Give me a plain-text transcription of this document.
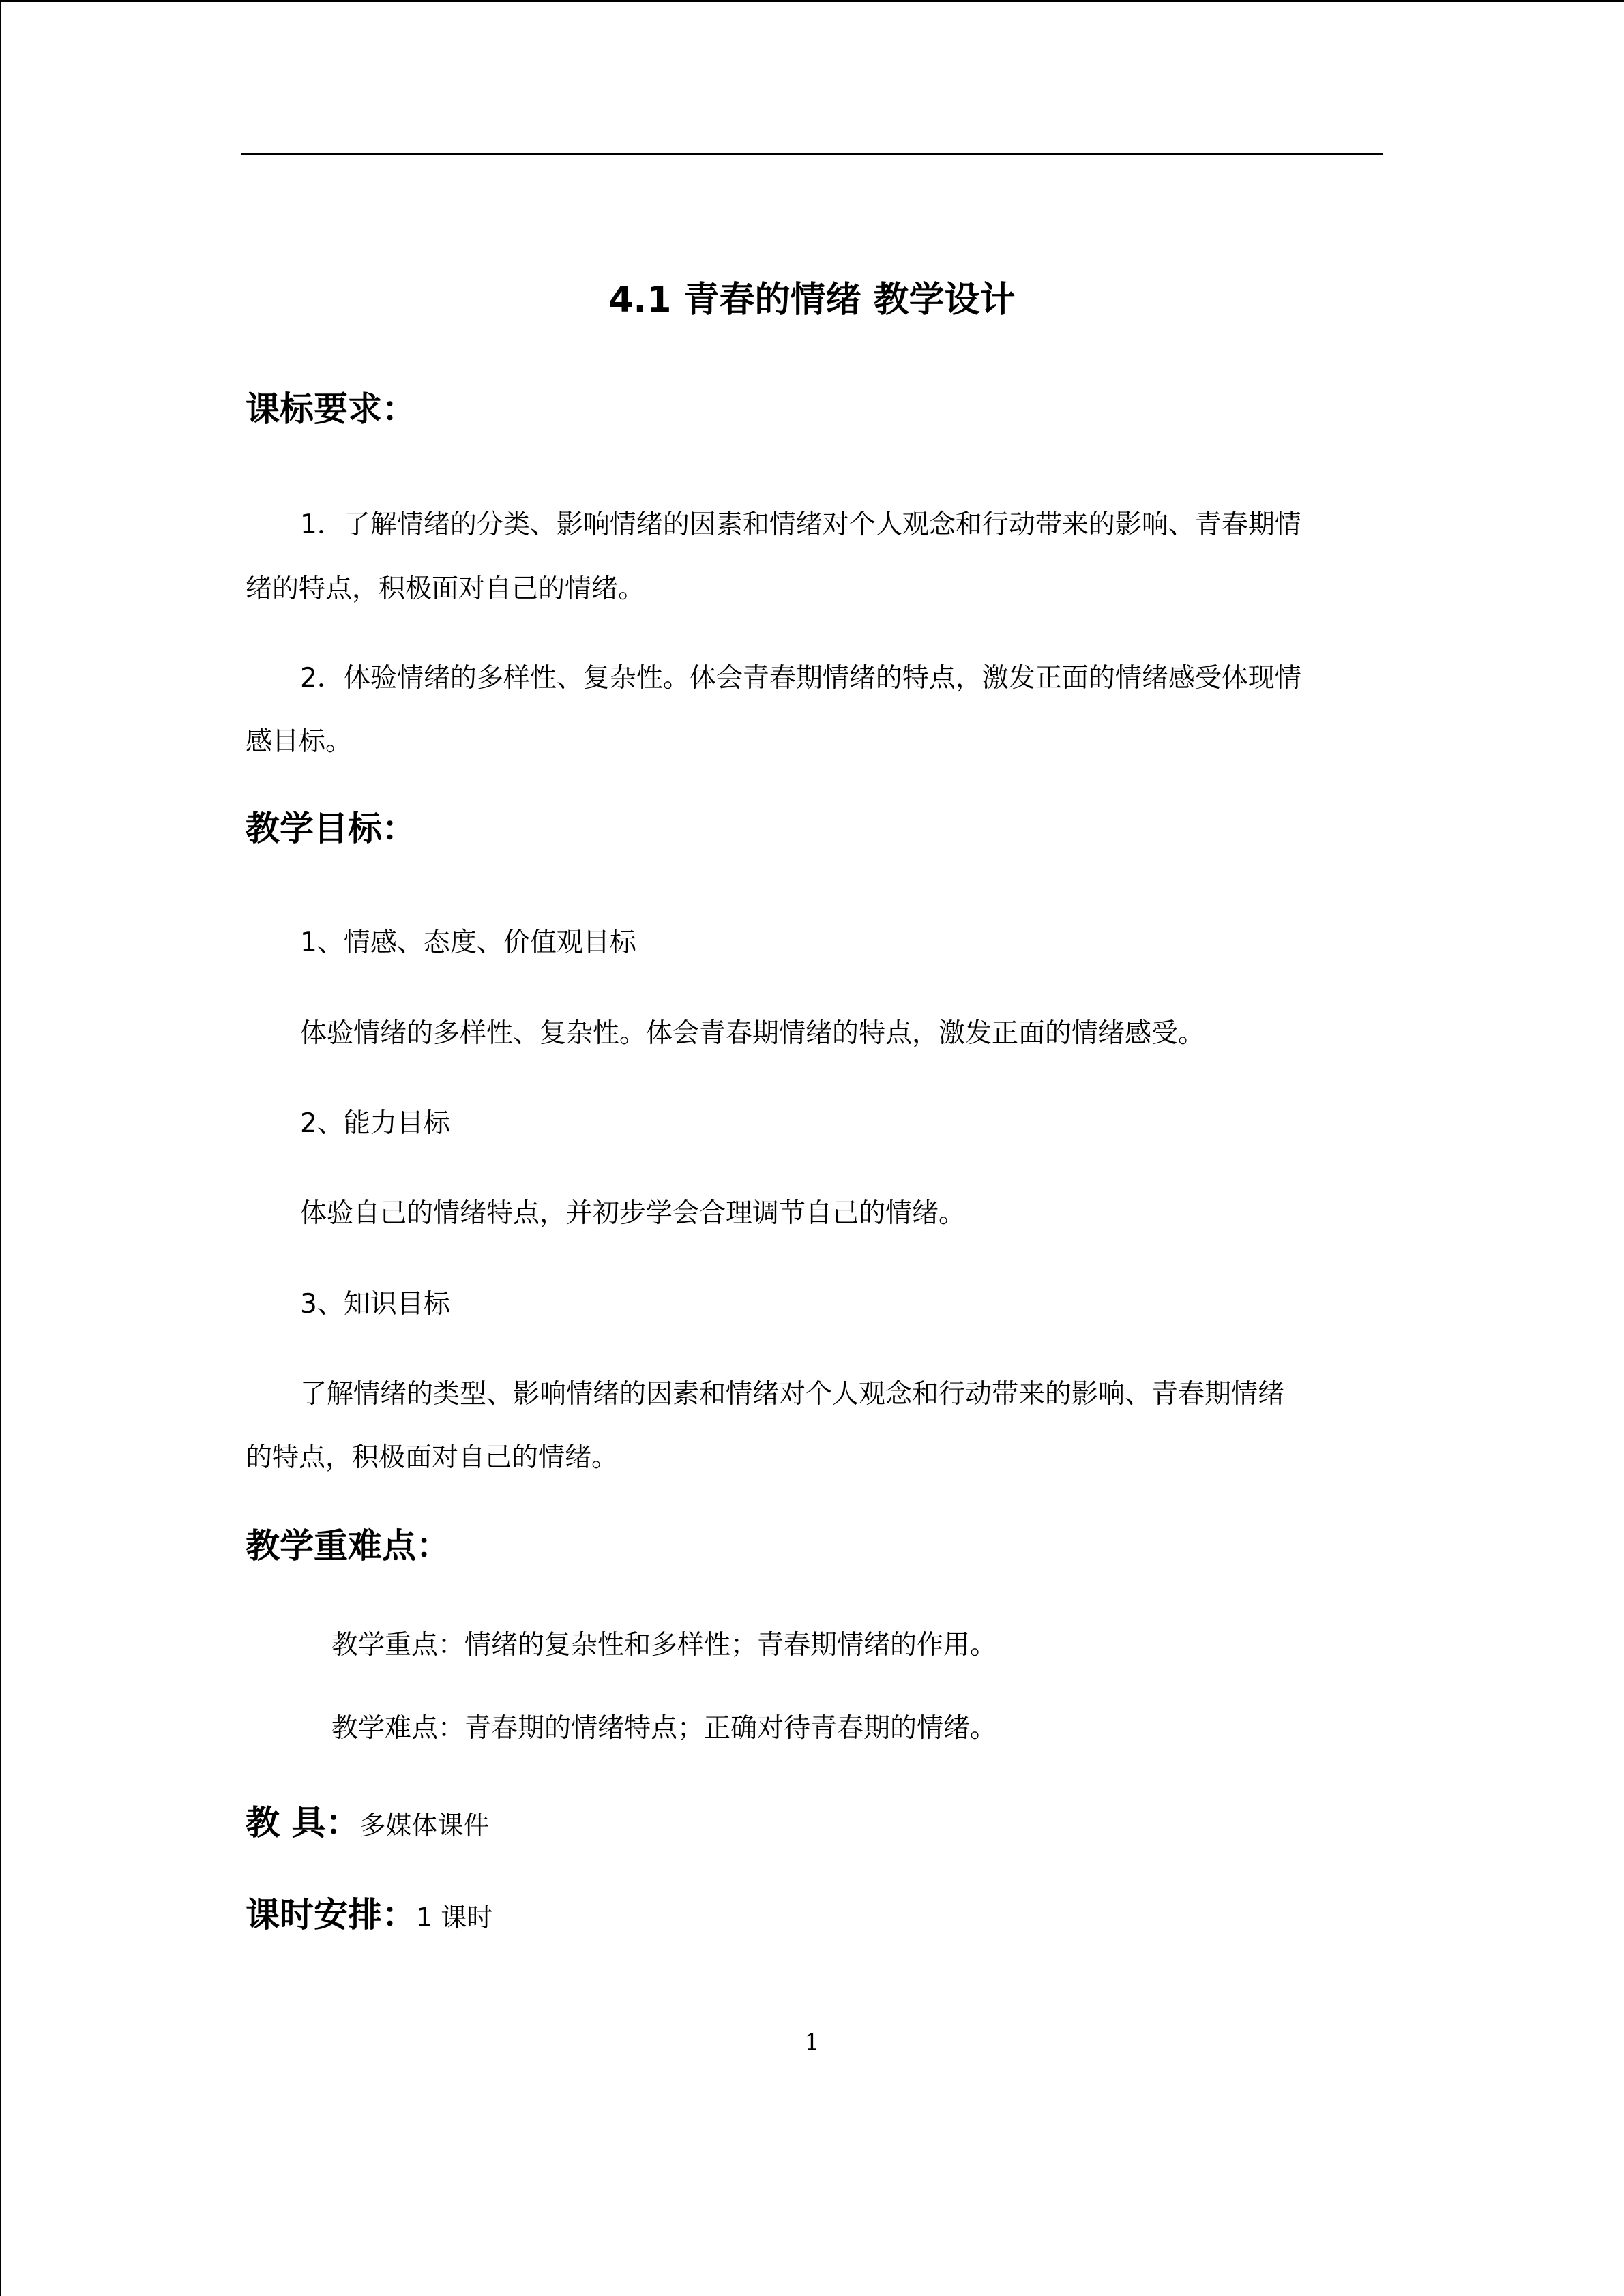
4.1 青春的情绪 教学设计
课标要求：
1．了解情绪的分类、影响情绪的因素和情绪对个人观念和行动带来的影响、青春期情
绪的特点，积极面对自己的情绪。
2．体验情绪的多样性、复杂性。体会青春期情绪的特点，激发正面的情绪感受体现情
感目标。
教学目标：
1、情感、态度、价值观目标
体验情绪的多样性、复杂性。体会青春期情绪的特点，激发正面的情绪感受。
2、能力目标
体验自己的情绪特点，并初步学会合理调节自己的情绪。
3、知识目标
了解情绪的类型、影响情绪的因素和情绪对个人观念和行动带来的影响、青春期情绪
的特点，积极面对自己的情绪。
教学重难点：
教学重点：情绪的复杂性和多样性；青春期情绪的作用。
教学难点：青春期的情绪特点；正确对待青春期的情绪。
教 具：多媒体课件
课时安排：1 课时
1
